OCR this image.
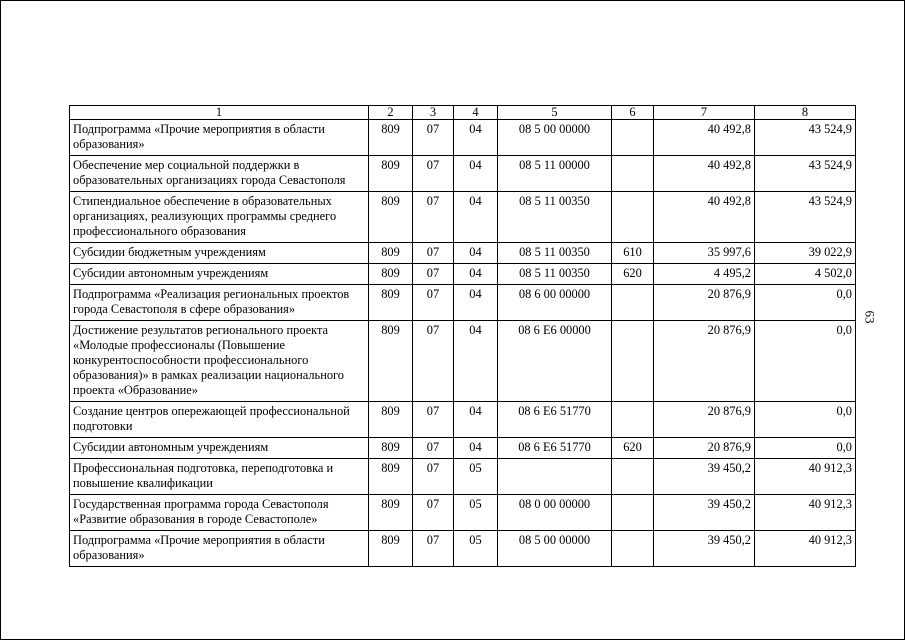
1	2	3	4	5	6	7	8
Подпрограмма «Прочие мероприятия в области образования»	809	07	04	08 5 00 00000		40 492,8	43 524,9
Обеспечение мер социальной поддержки в образовательных организациях города Севастополя	809	07	04	08 5 11 00000		40 492,8	43 524,9
Стипендиальное обеспечение в образовательных организациях, реализующих программы среднего профессионального образования	809	07	04	08 5 11 00350		40 492,8	43 524,9
Субсидии бюджетным учреждениям	809	07	04	08 5 11 00350	610	35 997,6	39 022,9
Субсидии автономным учреждениям	809	07	04	08 5 11 00350	620	4 495,2	4 502,0
Подпрограмма «Реализация региональных проектов города Севастополя в сфере образования»	809	07	04	08 6 00 00000		20 876,9	0,0
Достижение результатов регионального проекта «Молодые профессионалы (Повышение конкурентоспособности профессионального образования)» в рамках реализации национального проекта «Образование»	809	07	04	08 6 E6 00000		20 876,9	0,0
Создание центров опережающей профессиональной подготовки	809	07	04	08 6 E6 51770		20 876,9	0,0
Субсидии автономным учреждениям	809	07	04	08 6 E6 51770	620	20 876,9	0,0
Профессиональная подготовка, переподготовка и повышение квалификации	809	07	05			39 450,2	40 912,3
Государственная программа города Севастополя «Развитие образования в городе Севастополе»	809	07	05	08 0 00 00000		39 450,2	40 912,3
Подпрограмма «Прочие мероприятия в области образования»	809	07	05	08 5 00 00000		39 450,2	40 912,3
63
